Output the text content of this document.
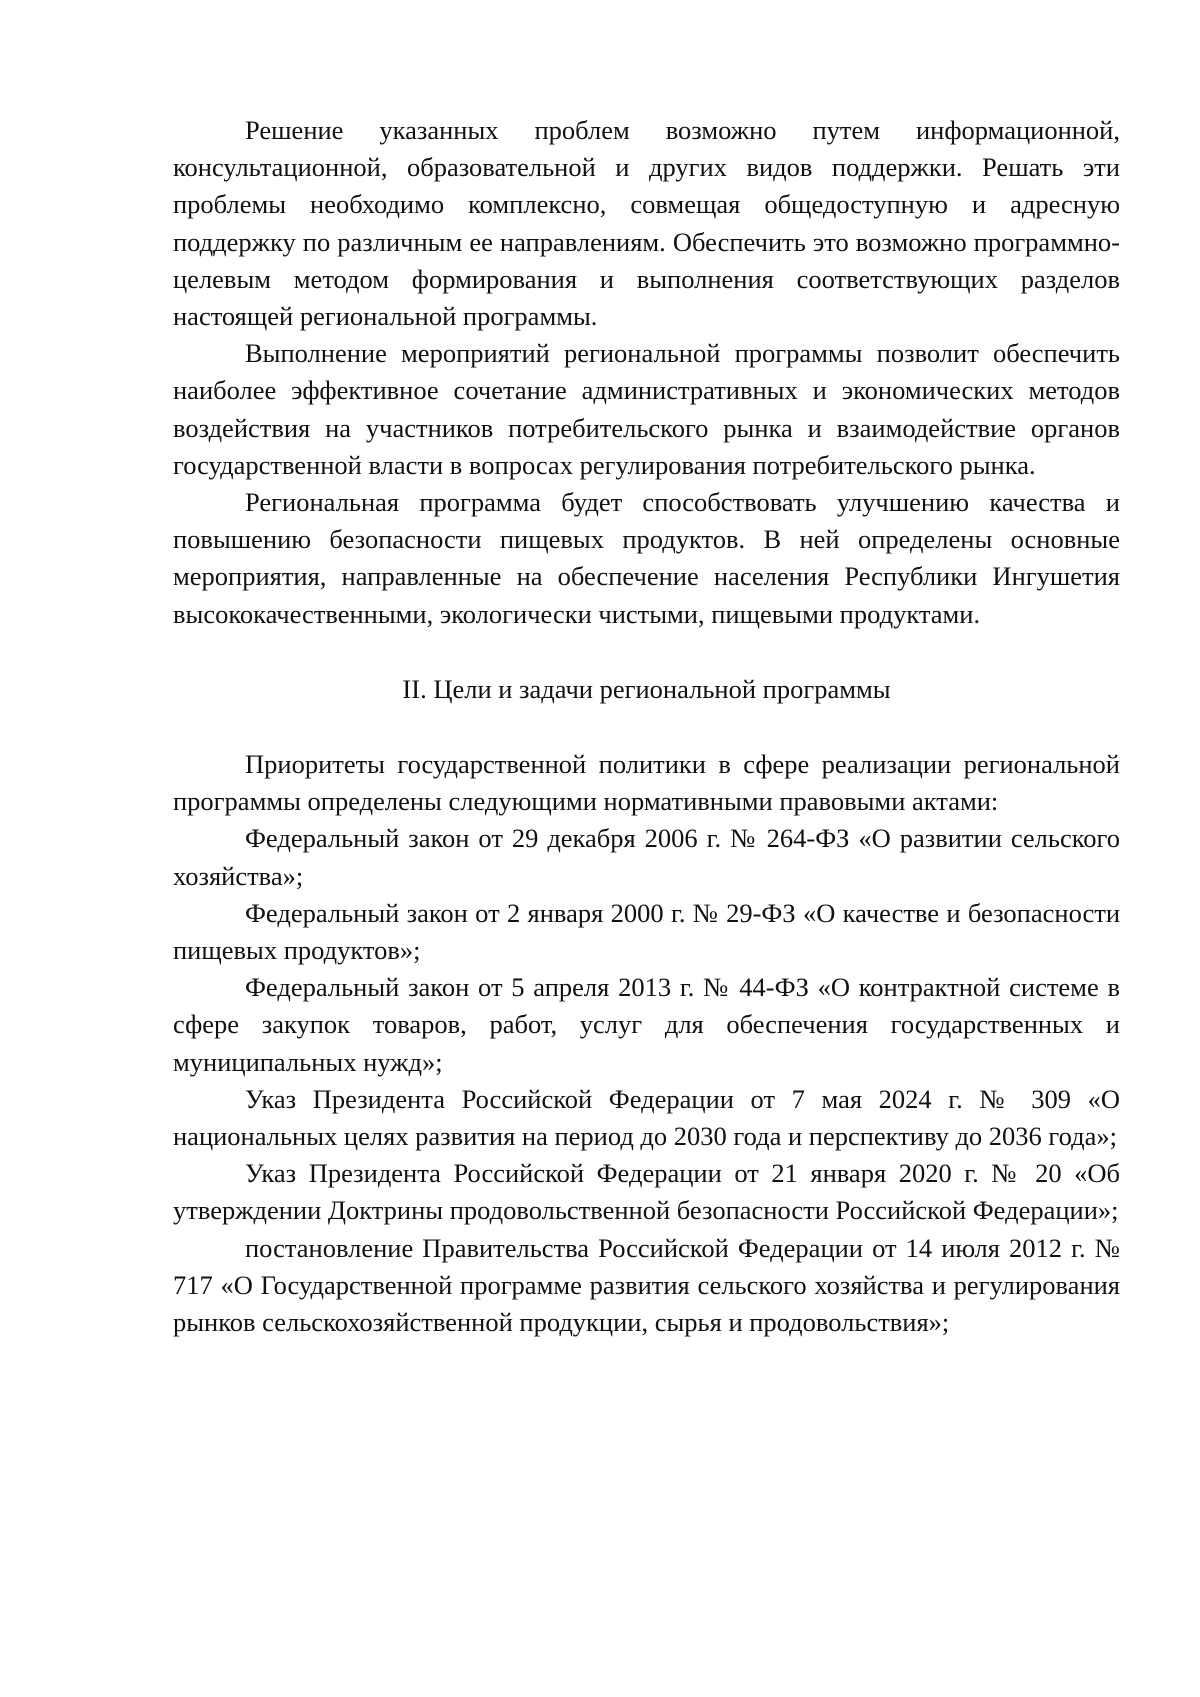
Решение указанных проблем возможно путем информационной, консультационной, образовательной и других видов поддержки. Решать эти проблемы необходимо комплексно, совмещая общедоступную и адресную поддержку по различным ее направлениям. Обеспечить это возможно программно-целевым методом формирования и выполнения соответствующих разделов настоящей региональной программы.

Выполнение мероприятий региональной программы позволит обеспечить наиболее эффективное сочетание административных и экономических методов воздействия на участников потребительского рынка и взаимодействие органов государственной власти в вопросах регулирования потребительского рынка.

Региональная программа будет способствовать улучшению качества и повышению безопасности пищевых продуктов. В ней определены основные мероприятия, направленные на обеспечение населения Республики Ингушетия высококачественными, экологически чистыми, пищевыми продуктами.

II. Цели и задачи региональной программы

Приоритеты государственной политики в сфере реализации региональной программы определены следующими нормативными правовыми актами:

Федеральный закон от 29 декабря 2006 г. № 264-ФЗ «О развитии сельского хозяйства»;

Федеральный закон от 2 января 2000 г. № 29-ФЗ «О качестве и безопасности пищевых продуктов»;

Федеральный закон от 5 апреля 2013 г. № 44-ФЗ «О контрактной системе в сфере закупок товаров, работ, услуг для обеспечения государственных и муниципальных нужд»;

Указ Президента Российской Федерации от 7 мая 2024 г. № 309 «О национальных целях развития на период до 2030 года и перспективу до 2036 года»;

Указ Президента Российской Федерации от 21 января 2020 г. № 20 «Об утверждении Доктрины продовольственной безопасности Российской Федерации»;

постановление Правительства Российской Федерации от 14 июля 2012 г. № 717 «О Государственной программе развития сельского хозяйства и регулирования рынков сельскохозяйственной продукции, сырья и продовольствия»;
